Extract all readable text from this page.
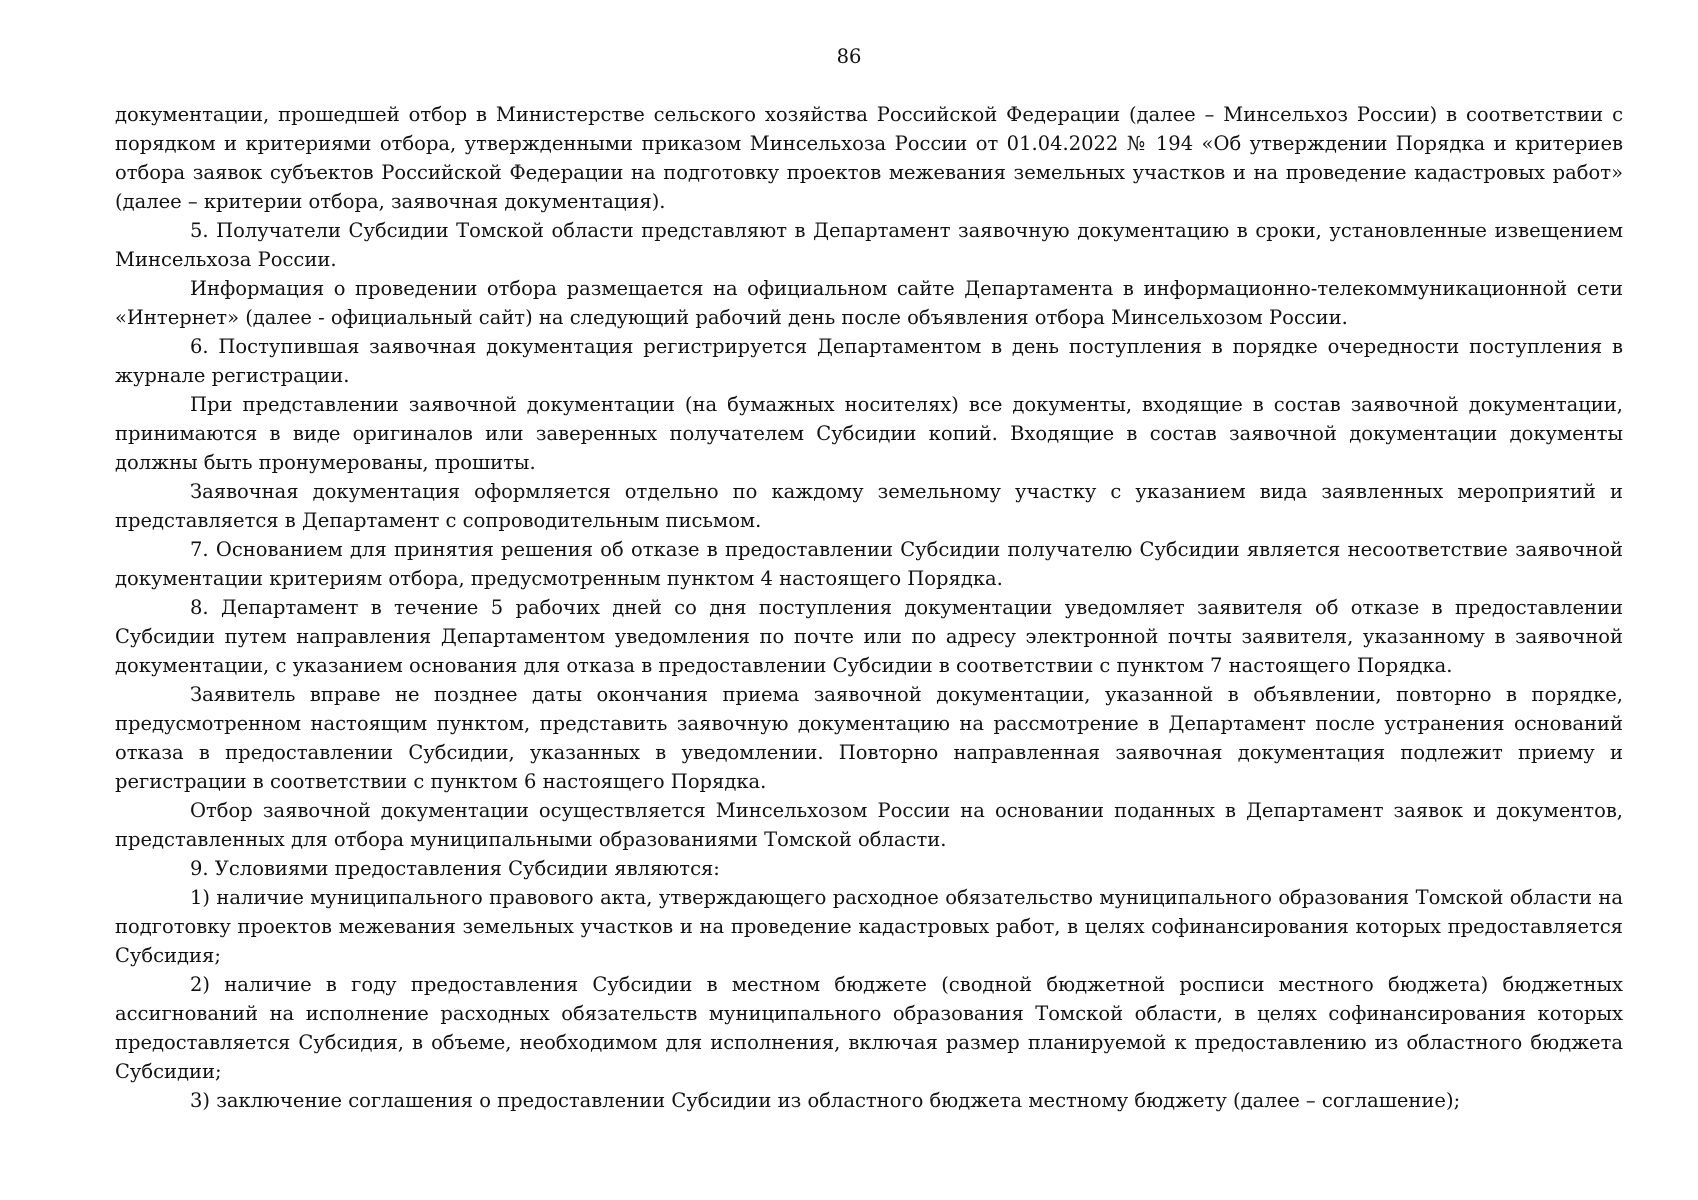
86

документации, прошедшей отбор в Министерстве сельского хозяйства Российской Федерации (далее – Минсельхоз России) в соответствии с порядком и критериями отбора, утвержденными приказом Минсельхоза России от 01.04.2022 № 194 «Об утверждении Порядка и критериев отбора заявок субъектов Российской Федерации на подготовку проектов межевания земельных участков и на проведение кадастровых работ» (далее – критерии отбора, заявочная документация).

5. Получатели Субсидии Томской области представляют в Департамент заявочную документацию в сроки, установленные извещением Минсельхоза России.

Информация о проведении отбора размещается на официальном сайте Департамента в информационно-телекоммуникационной сети «Интернет» (далее - официальный сайт) на следующий рабочий день после объявления отбора Минсельхозом России.

6. Поступившая заявочная документация регистрируется Департаментом в день поступления в порядке очередности поступления в журнале регистрации.

При представлении заявочной документации (на бумажных носителях) все документы, входящие в состав заявочной документации, принимаются в виде оригиналов или заверенных получателем Субсидии копий. Входящие в состав заявочной документации документы должны быть пронумерованы, прошиты.

Заявочная документация оформляется отдельно по каждому земельному участку с указанием вида заявленных мероприятий и представляется в Департамент с сопроводительным письмом.

7. Основанием для принятия решения об отказе в предоставлении Субсидии получателю Субсидии является несоответствие заявочной документации критериям отбора, предусмотренным пунктом 4 настоящего Порядка.

8. Департамент в течение 5 рабочих дней со дня поступления документации уведомляет заявителя об отказе в предоставлении Субсидии путем направления Департаментом уведомления по почте или по адресу электронной почты заявителя, указанному в заявочной документации, с указанием основания для отказа в предоставлении Субсидии в соответствии с пунктом 7 настоящего Порядка.

Заявитель вправе не позднее даты окончания приема заявочной документации, указанной в объявлении, повторно в порядке, предусмотренном настоящим пунктом, представить заявочную документацию на рассмотрение в Департамент после устранения оснований отказа в предоставлении Субсидии, указанных в уведомлении. Повторно направленная заявочная документация подлежит приему и регистрации в соответствии с пунктом 6 настоящего Порядка.

Отбор заявочной документации осуществляется Минсельхозом России на основании поданных в Департамент заявок и документов, представленных для отбора муниципальными образованиями Томской области.

9. Условиями предоставления Субсидии являются:

1) наличие муниципального правового акта, утверждающего расходное обязательство муниципального образования Томской области на подготовку проектов межевания земельных участков и на проведение кадастровых работ, в целях софинансирования которых предоставляется Субсидия;

2) наличие в году предоставления Субсидии в местном бюджете (сводной бюджетной росписи местного бюджета) бюджетных ассигнований на исполнение расходных обязательств муниципального образования Томской области, в целях софинансирования которых предоставляется Субсидия, в объеме, необходимом для исполнения, включая размер планируемой к предоставлению из областного бюджета Субсидии;

3) заключение соглашения о предоставлении Субсидии из областного бюджета местному бюджету (далее – соглашение);
